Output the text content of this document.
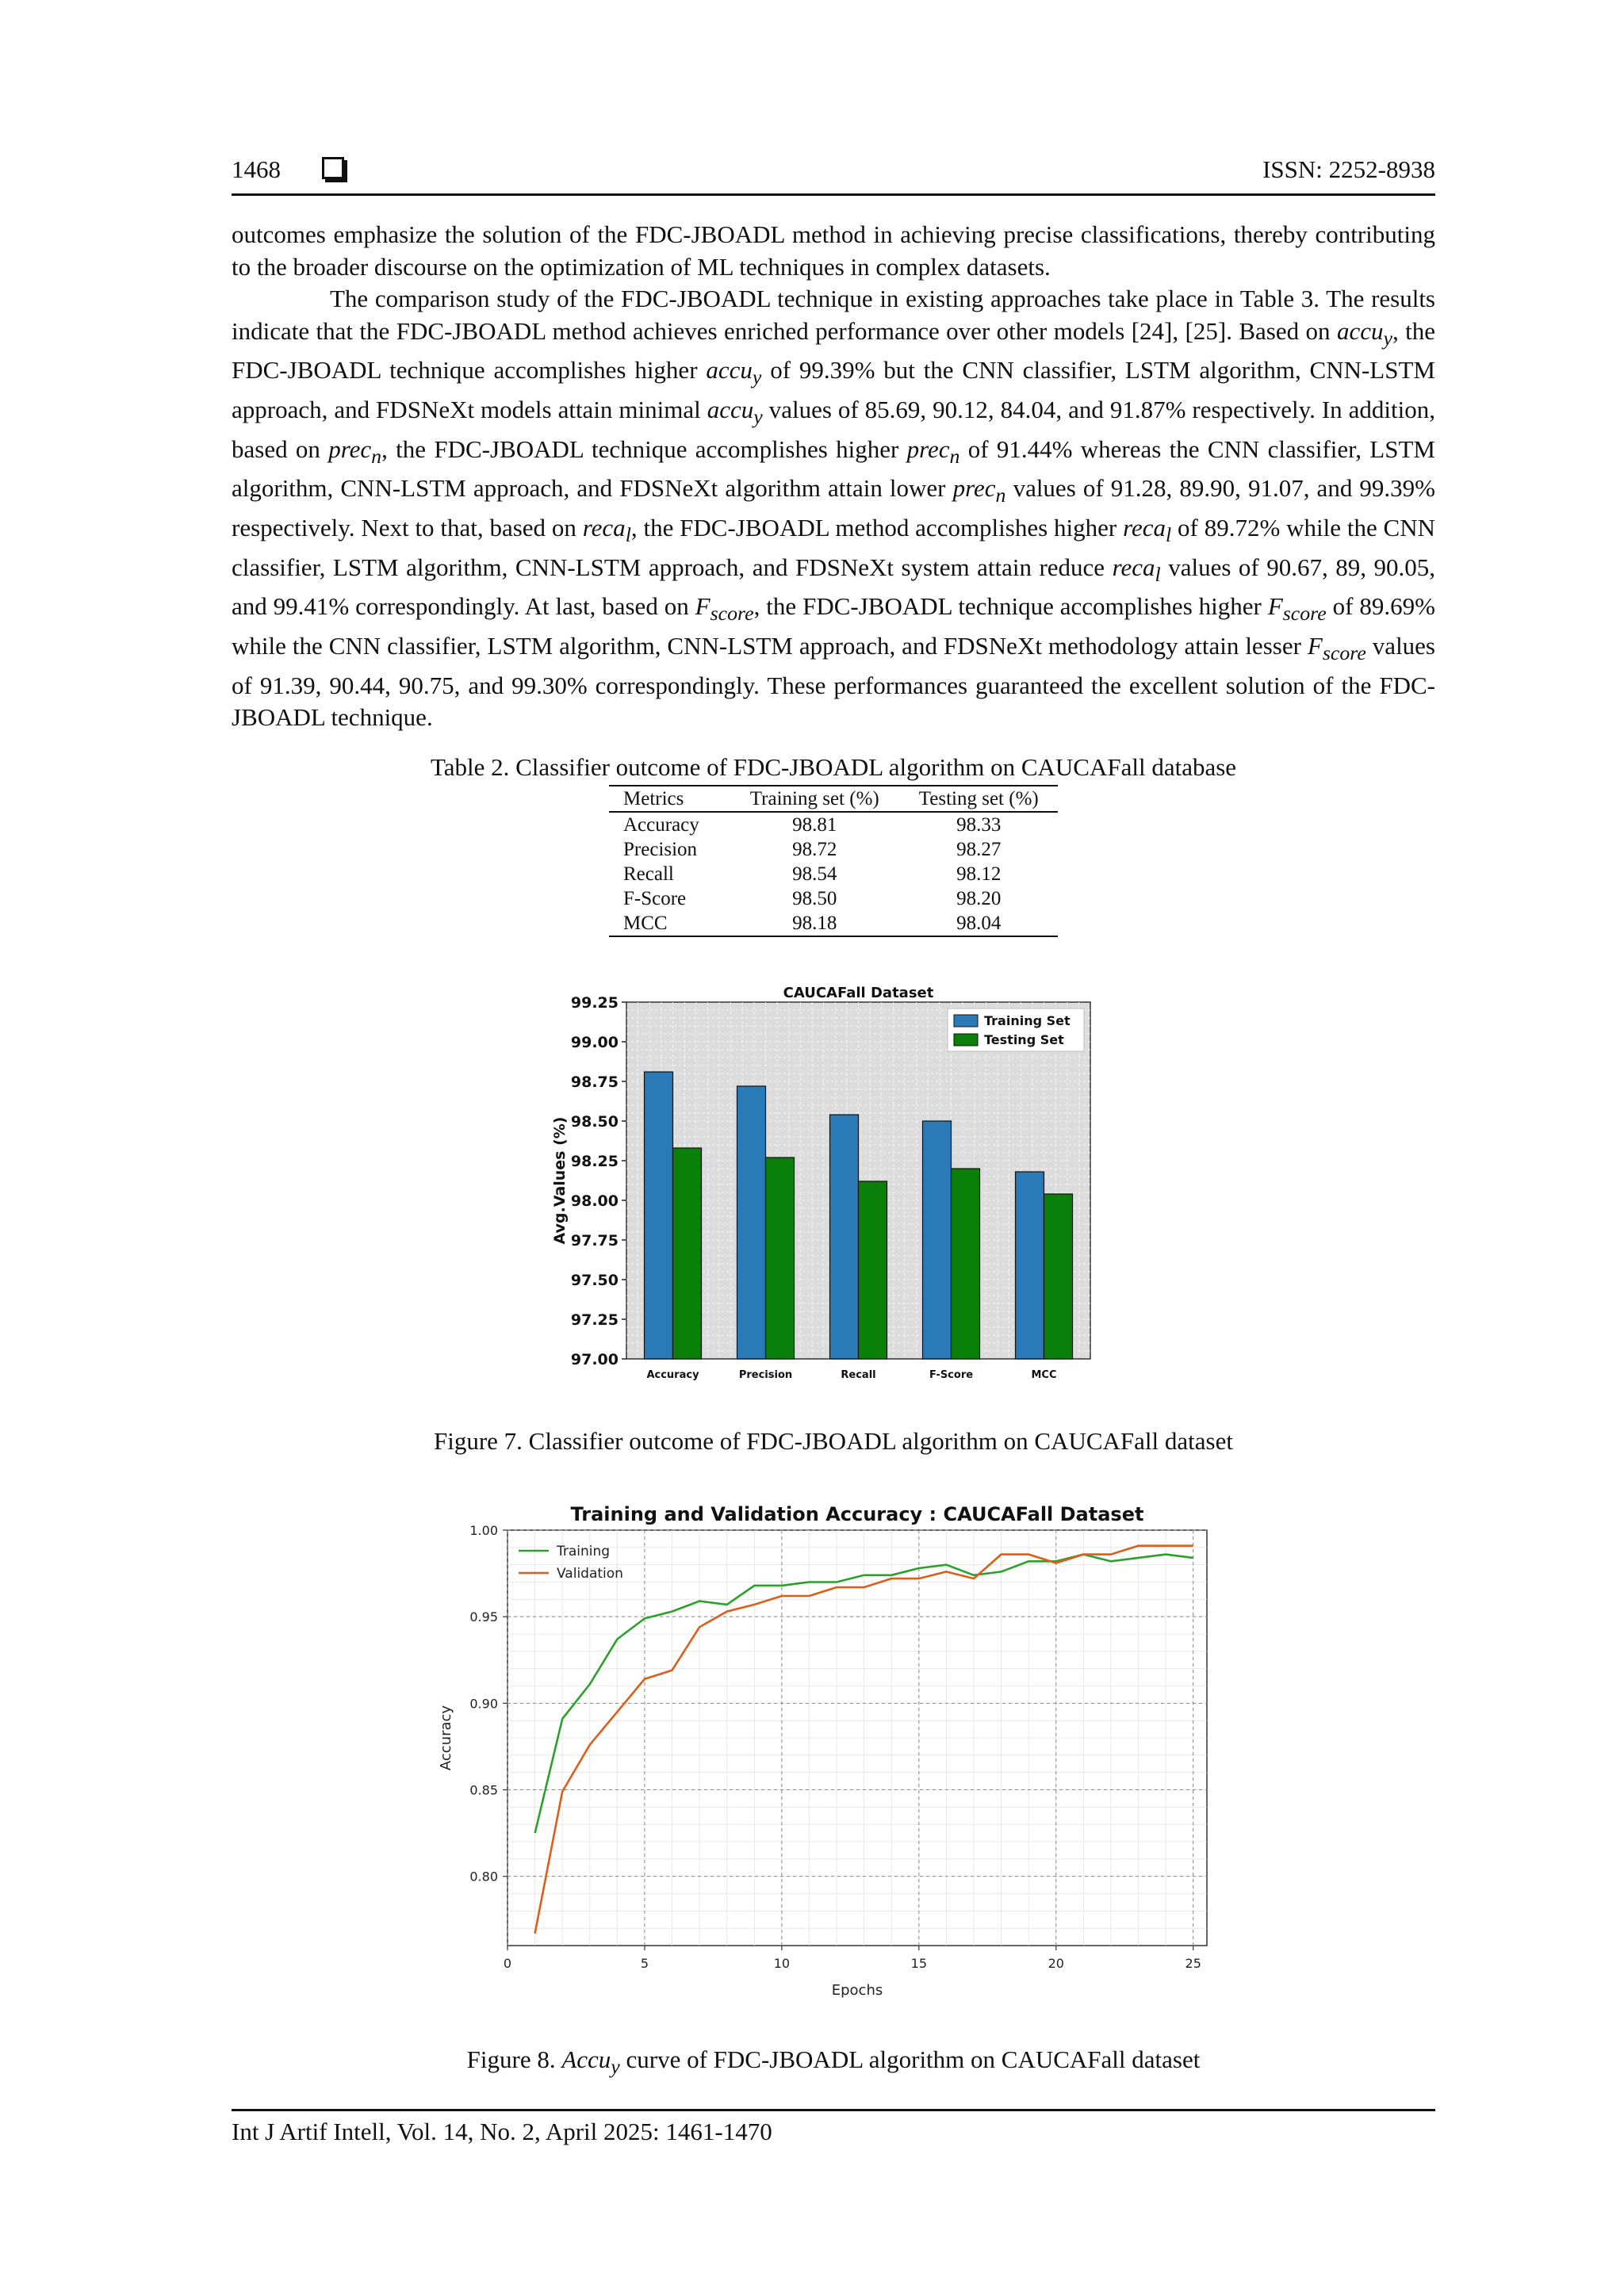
1468	ISSN: 2252-8938

outcomes emphasize the solution of the FDC-JBOADL method in achieving precise classifications, thereby contributing to the broader discourse on the optimization of ML techniques in complex datasets.

The comparison study of the FDC-JBOADL technique in existing approaches take place in Table 3. The results indicate that the FDC-JBOADL method achieves enriched performance over other models [24], [25]. Based on accu$_y$, the FDC-JBOADL technique accomplishes higher accu$_y$ of 99.39% but the CNN classifier, LSTM algorithm, CNN-LSTM approach, and FDSNeXt models attain minimal accu$_y$ values of 85.69, 90.12, 84.04, and 91.87% respectively. In addition, based on prec$_n$, the FDC-JBOADL technique accomplishes higher prec$_n$ of 91.44% whereas the CNN classifier, LSTM algorithm, CNN-LSTM approach, and FDSNeXt algorithm attain lower prec$_n$ values of 91.28, 89.90, 91.07, and 99.39% respectively. Next to that, based on reca$_l$, the FDC-JBOADL method accomplishes higher reca$_l$ of 89.72% while the CNN classifier, LSTM algorithm, CNN-LSTM approach, and FDSNeXt system attain reduce reca$_l$ values of 90.67, 89, 90.05, and 99.41% correspondingly. At last, based on $F_{score}$, the FDC-JBOADL technique accomplishes higher $F_{score}$ of 89.69% while the CNN classifier, LSTM algorithm, CNN-LSTM approach, and FDSNeXt methodology attain lesser $F_{score}$ values of 91.39, 90.44, 90.75, and 99.30% correspondingly. These performances guaranteed the excellent solution of the FDC-JBOADL technique.

Table 2. Classifier outcome of FDC-JBOADL algorithm on CAUCAFall database
Metrics	Training set (%)	Testing set (%)
Accuracy	98.81	98.33
Precision	98.72	98.27
Recall	98.54	98.12
F-Score	98.50	98.20
MCC	98.18	98.04
97.00
97.25
97.50
97.75
98.00
98.25
98.50
98.75
99.00
99.25
Accuracy	Precision	Recall	F-Score	MCC
CAUCAFall Dataset
Avg.Values (%)
Training Set
Testing Set
Figure 7. Classifier outcome of FDC-JBOADL algorithm on CAUCAFall dataset
0	5	10	15	20	25
0.80
0.85
0.90
0.95
1.00
Training
Validation
Training and Validation Accuracy : CAUCAFall Dataset
Epochs
Accuracy
Figure 8. Accu$_y$ curve of FDC-JBOADL algorithm on CAUCAFall dataset
Int J Artif Intell, Vol. 14, No. 2, April 2025: 1461-1470
